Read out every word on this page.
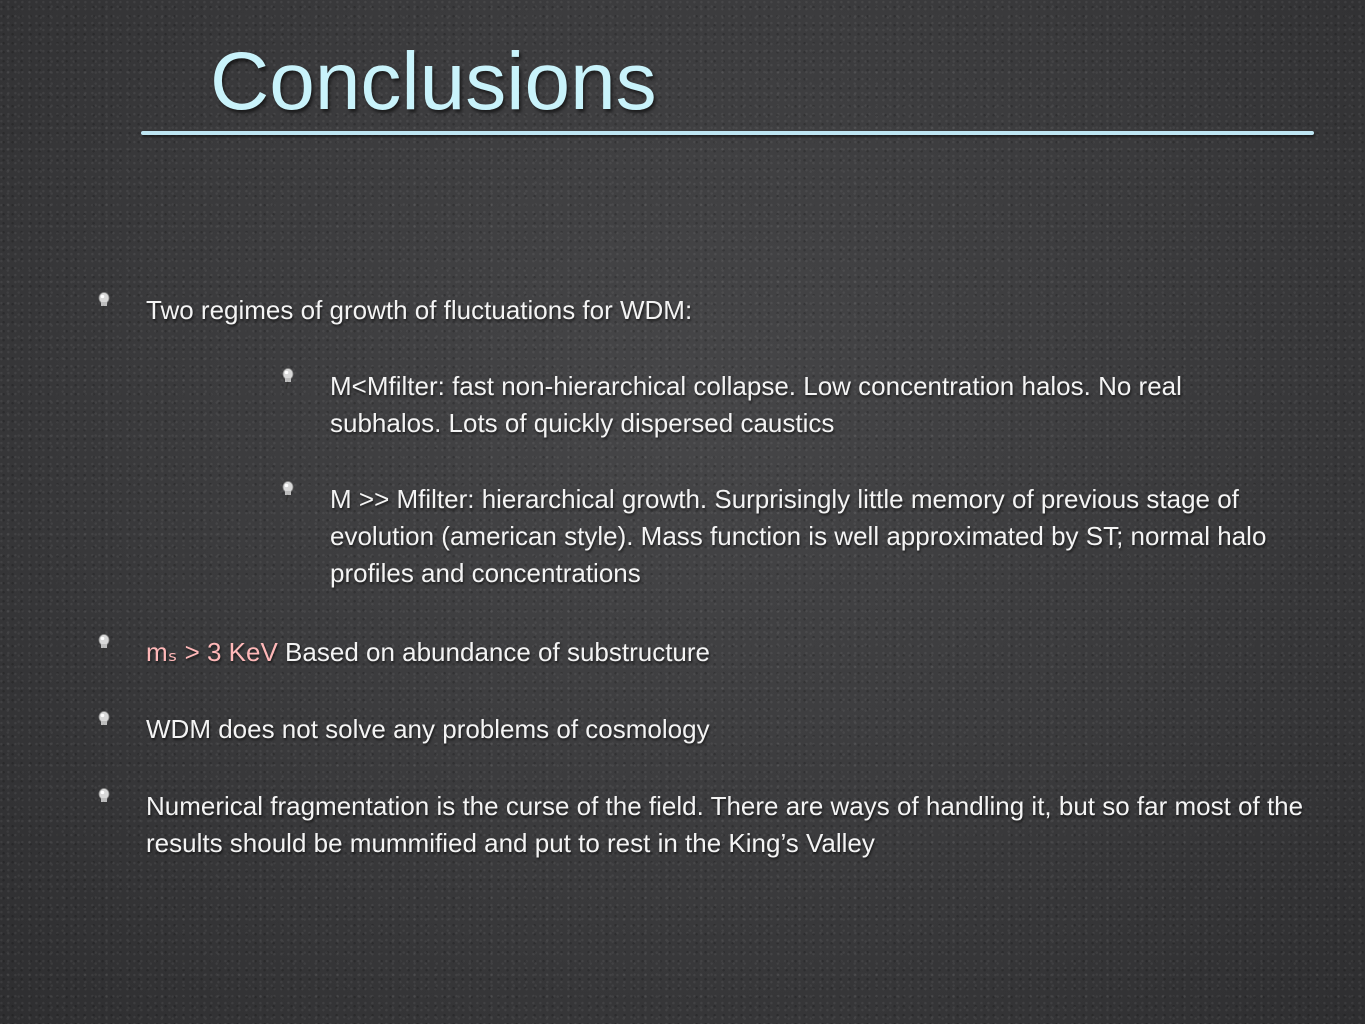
Conclusions

Two regimes of growth of fluctuations for WDM:

M<Mfilter: fast non-hierarchical collapse. Low concentration halos. No real subhalos. Lots of quickly dispersed caustics

M >> Mfilter: hierarchical growth. Surprisingly little memory of previous stage of evolution (american style). Mass function is well approximated by ST; normal halo profiles and concentrations

mₛ > 3 KeV Based on abundance of substructure

WDM does not solve any problems of cosmology

Numerical fragmentation is the curse of the field. There are ways of handling it, but so far most of the results should be mummified and put to rest in the King’s Valley
